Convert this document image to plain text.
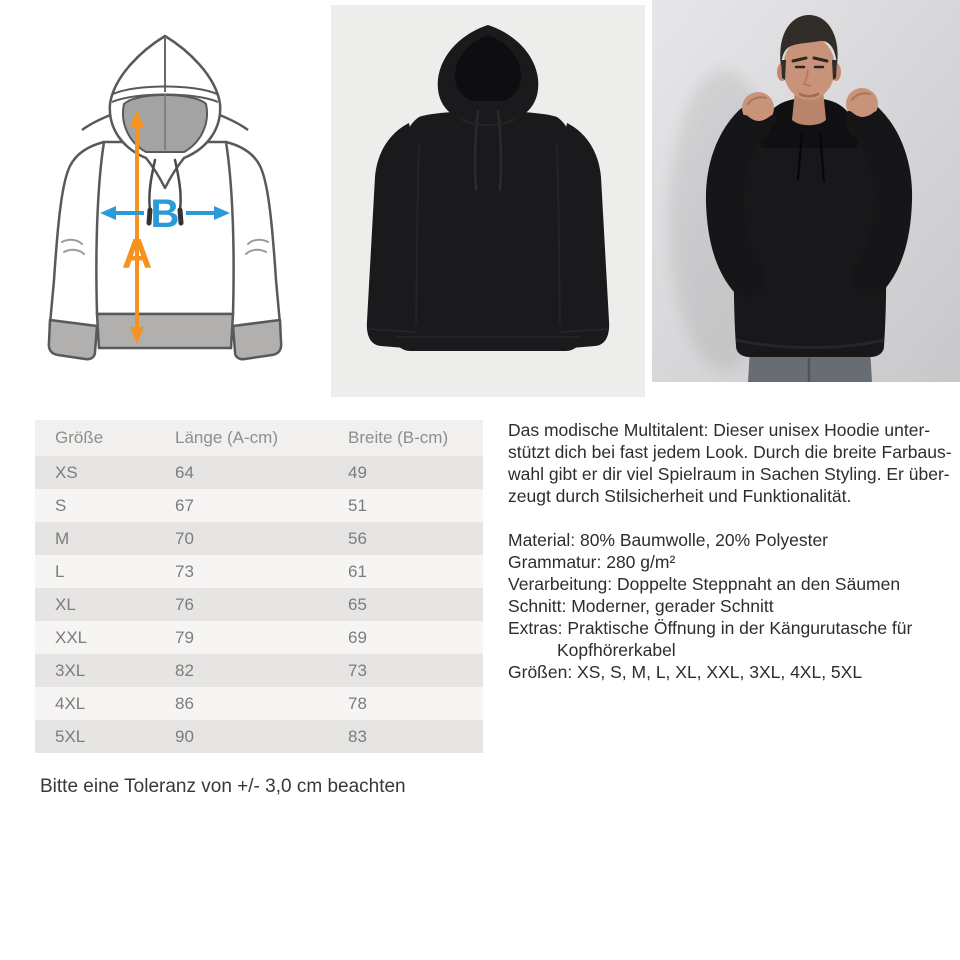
A
B
Größe	Länge (A-cm)	Breite (B-cm)
XS	64	49
S	67	51
M	70	56
L	73	61
XL	76	65
XXL	79	69
3XL	82	73
4XL	86	78
5XL	90	83
Bitte eine Toleranz von +/- 3,0 cm beachten
Das modische Multitalent: Dieser unisex Hoodie unter-
stützt dich bei fast jedem Look. Durch die breite Farbaus-
wahl gibt er dir viel Spielraum in Sachen Styling. Er über-
zeugt durch Stilsicherheit und Funktionalität.
Material: 80% Baumwolle, 20% Polyester
Grammatur: 280 g/m²
Verarbeitung: Doppelte Steppnaht an den Säumen
Schnitt: Moderner, gerader Schnitt
Extras: Praktische Öffnung in der Kängurutasche für
Kopfhörerkabel
Größen: XS, S, M, L, XL, XXL, 3XL, 4XL, 5XL
